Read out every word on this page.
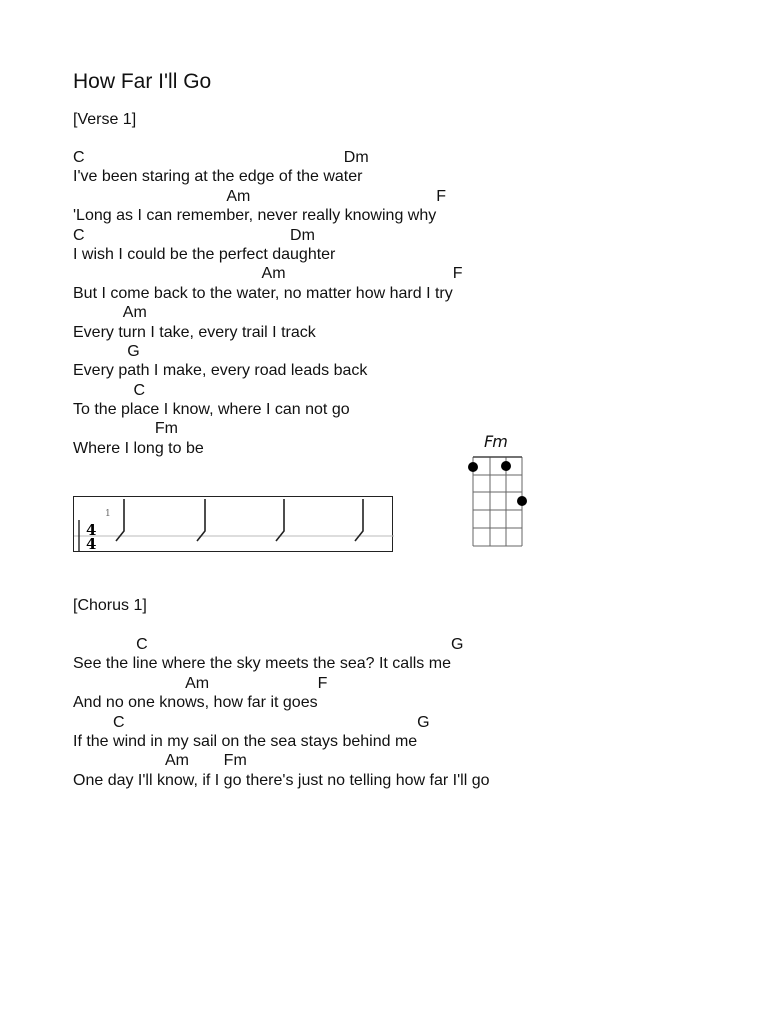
How Far I'll Go
[Verse 1]
C	Dm
I've been staring at the edge of the water
Am	F
'Long as I can remember, never really knowing why
C	Dm
I wish I could be the perfect daughter
Am	F
But I come back to the water, no matter how hard I try
Am
Every turn I take, every trail I track
G
Every path I make, every road leads back
C
To the place I know, where I can not go
Fm
Where I long to be
4
4
1
Fm
[Chorus 1]
C	G
See the line where the sky meets the sea? It calls me
Am	F
And no one knows, how far it goes
C	G
If the wind in my sail on the sea stays behind me
Am Fm
One day I'll know, if I go there's just no telling how far I'll go
